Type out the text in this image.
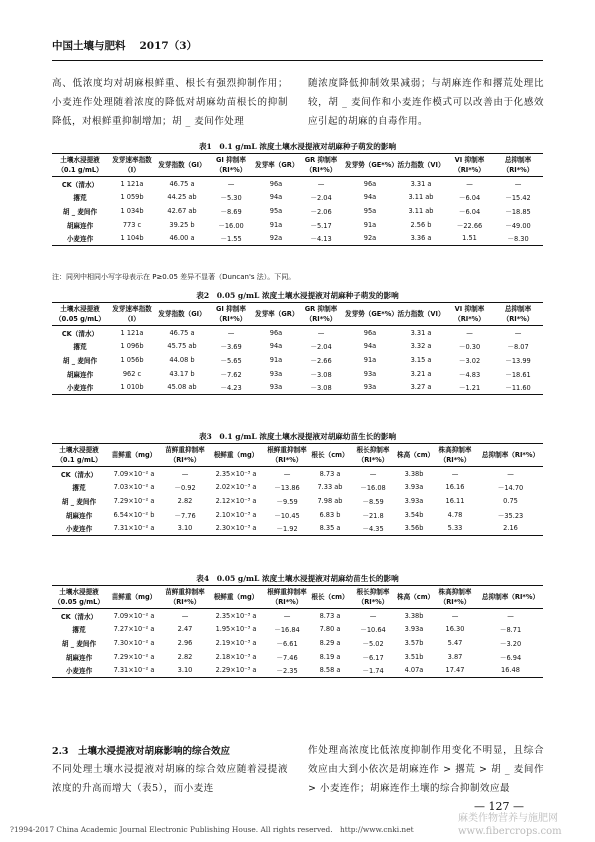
中国土壤与肥料 2017（3）
高、低浓度均对胡麻根鲜重、根长有强烈抑制作用；小麦连作处理随着浓度的降低对胡麻幼苗根长的抑制降低，对根鲜重抑制增加；胡 _ 麦间作处理
随浓度降低抑制效果减弱；与胡麻连作和撂荒处理比较，胡 _ 麦间作和小麦连作模式可以改善由于化感效应引起的胡麻的自毒作用。
表1　0.1 g/mL 浓度土壤水浸提液对胡麻种子萌发的影响
土壤水浸提液（0.1 g/mL）	发芽速率指数（I）	发芽指数（GI）	GI 抑制率（RI*%）	发芽率（GR）	GR 抑制率（RI*%）	发芽势（GE*%）	活力指数（VI）	VI 抑制率（RI*%）	总抑制率（RI*%）
CK（清水）	1 121a	46.75 a	—	96a	—	96a	3.31 a	—	—
撂荒	1 059b	44.25 ab	－5.30	94a	－2.04	94a	3.11 ab	－6.04	－15.42
胡 _ 麦间作	1 034b	42.67 ab	－8.69	95a	－2.06	95a	3.11 ab	－6.04	－18.85
胡麻连作	773 c	39.25 b	－16.00	91a	－5.17	91a	2.56 b	－22.66	－49.00
小麦连作	1 104b	46.00 a	－1.55	92a	－4.13	92a	3.36 a	1.51	－8.30
注：同列中相同小写字母表示在 P≥0.05 差异不显著（Duncan's 法）。下同。
表2　0.05 g/mL 浓度土壤水浸提液对胡麻种子萌发的影响
土壤水浸提液（0.05 g/mL）	发芽速率指数（I）	发芽指数（GI）	GI 抑制率（RI*%）	发芽率（GR）	GR 抑制率（RI*%）	发芽势（GE*%）	活力指数（VI）	VI 抑制率（RI*%）	总抑制率（RI*%）
CK（清水）	1 121a	46.75 a	—	96a	—	96a	3.31 a	—	—
撂荒	1 096b	45.75 ab	－3.69	94a	－2.04	94a	3.32 a	－0.30	－8.07
胡 _ 麦间作	1 056b	44.08 b	－5.65	91a	－2.66	91a	3.15 a	－3.02	－13.99
胡麻连作	962 c	43.17 b	－7.62	93a	－3.08	93a	3.21 a	－4.83	－18.61
小麦连作	1 010b	45.08 ab	－4.23	93a	－3.08	93a	3.27 a	－1.21	－11.60
表3　0.1 g/mL 浓度土壤水浸提液对胡麻幼苗生长的影响
土壤水浸提液（0.1 g/mL）	苗鲜重（mg）	苗鲜重抑制率（RI*%）	根鲜重（mg）	根鲜重抑制率（RI*%）	根长（cm）	根长抑制率（RI*%）	株高（cm）	株高抑制率（RI*%）	总抑制率（RI*%）
CK（清水）	7.09×10⁻² a	—	2.35×10⁻³ a	—	8.73 a	—	3.38b	—	—
撂荒	7.03×10⁻² a	－0.92	2.02×10⁻³ a	－13.86	7.33 ab	－16.08	3.93a	16.16	－14.70
胡 _ 麦间作	7.29×10⁻² a	2.82	2.12×10⁻³ a	－9.59	7.98 ab	－8.59	3.93a	16.11	0.75
胡麻连作	6.54×10⁻² b	－7.76	2.10×10⁻³ a	－10.45	6.83 b	－21.8	3.54b	4.78	－35.23
小麦连作	7.31×10⁻² a	3.10	2.30×10⁻³ a	－1.92	8.35 a	－4.35	3.56b	5.33	2.16
表4　0.05 g/mL 浓度土壤水浸提液对胡麻幼苗生长的影响
土壤水浸提液（0.05 g/mL）	苗鲜重（mg）	苗鲜重抑制率（RI*%）	根鲜重（mg）	根鲜重抑制率（RI*%）	根长（cm）	根长抑制率（RI*%）	株高（cm）	株高抑制率（RI*%）	总抑制率（RI*%）
CK（清水）	7.09×10⁻² a	—	2.35×10⁻³ a	—	8.73 a	—	3.38b	—	—
撂荒	7.27×10⁻² a	2.47	1.95×10⁻³ a	－16.84	7.80 a	－10.64	3.93a	16.30	－8.71
胡 _ 麦间作	7.30×10⁻² a	2.96	2.19×10⁻³ a	－6.61	8.29 a	－5.02	3.57b	5.47	－3.20
胡麻连作	7.29×10⁻² a	2.82	2.18×10⁻³ a	－7.46	8.19 a	－6.17	3.51b	3.87	－6.94
小麦连作	7.31×10⁻² a	3.10	2.29×10⁻³ a	－2.35	8.58 a	－1.74	4.07a	17.47	16.48
2.3　土壤水浸提液对胡麻影响的综合效应
不同处理土壤水浸提液对胡麻的综合效应随着浸提液浓度的升高而增大（表5），而小麦连
作处理高浓度比低浓度抑制作用变化不明显，且综合效应由大到小依次是胡麻连作 > 撂荒 > 胡 _ 麦间作 > 小麦连作；胡麻连作土壤的综合抑制效应最
— 127 —
麻类作物营养与施肥网 www.fibercrops.com
?1994-2017 China Academic Journal Electronic Publishing House. All rights reserved.　http://www.cnki.net
